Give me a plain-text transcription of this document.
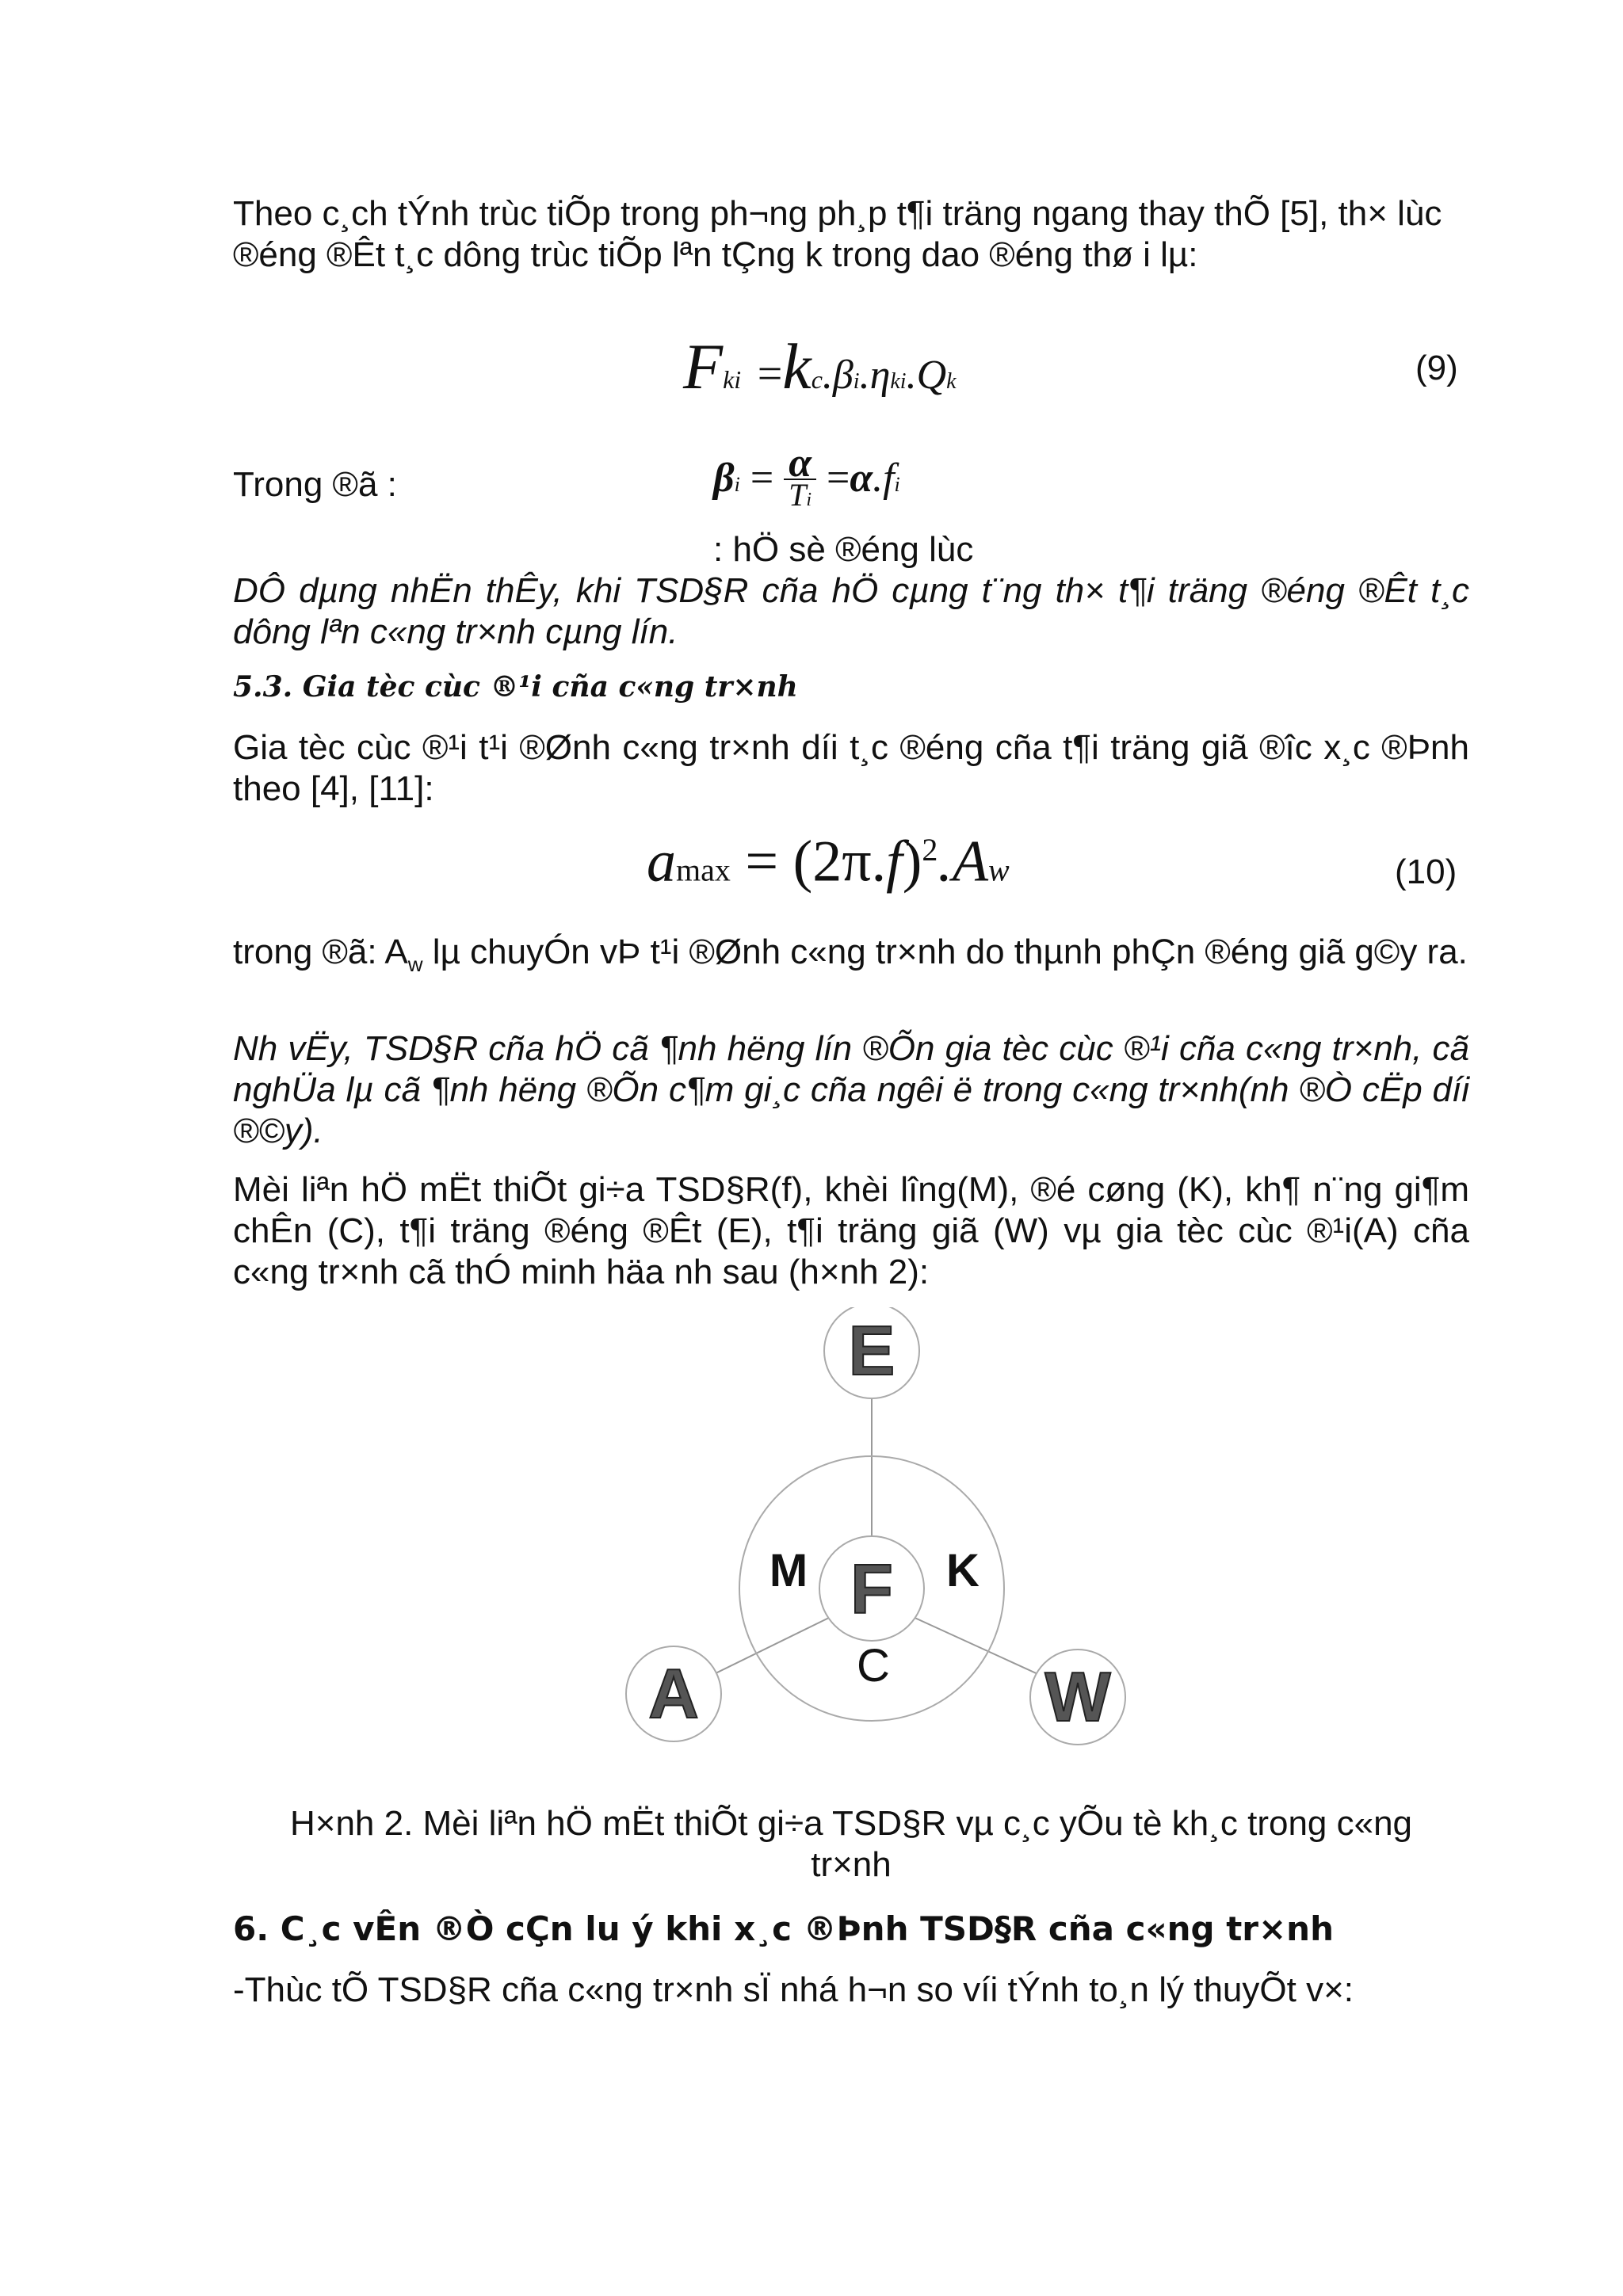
Theo c¸ch tÝnh trùc tiÕp trong ph¬ng ph¸p t¶i träng ngang thay thÕ [5], th× lùc
®éng ®Êt t¸c dông trùc tiÕp lªn tÇng k trong dao ®éng thø i lµ:
Fki =kc.βi.ηki.Qk	(9)
Trong ®ã :	βi = α
Ti =α.fi
: hÖ sè ®éng lùc
DÔ dµng nhËn thÊy, khi TSD§R cña hÖ cµng t¨ng th× t¶i träng ®éng ®Êt t¸c dông lªn c«ng tr×nh cµng lín.
5.3. Gia tèc cùc ®¹i cña c«ng tr×nh
Gia tèc cùc ®¹i t¹i ®Ønh c«ng tr×nh díi t¸c ®éng cña t¶i träng giã ®îc x¸c ®Þnh theo [4], [11]:
$amax = (2\pi.f)^2.Aw$	(10)
trong ®ã: $A_w$ lµ chuyÓn vÞ t¹i ®Ønh c«ng tr×nh do thµnh phÇn ®éng giã g©y ra.
Nh vËy, TSD§R cña hÖ cã ¶nh hëng lín ®Õn gia tèc cùc ®¹i cña c«ng tr×nh, cã nghÜa lµ cã ¶nh hëng ®Õn c¶m gi¸c cña ngêi ë trong c«ng tr×nh(nh ®Ò cËp díi ®©y).
Mèi liªn hÖ mËt thiÕt gi÷a TSD§R(f), khèi lîng(M), ®é cøng (K), kh¶ n¨ng gi¶m chÊn (C), t¶i träng ®éng ®Êt (E), t¶i träng giã (W) vµ gia tèc cùc ®¹i(A) cña c«ng tr×nh cã thÓ minh häa nh sau (h×nh 2):
E
F
A	W
M	K
C
H×nh 2. Mèi liªn hÖ mËt thiÕt gi÷a TSD§R vµ c¸c yÕu tè kh¸c trong c«ng
tr×nh
6. C¸c vÊn ®Ò cÇn lu ý khi x¸c ®Þnh TSD§R cña c«ng tr×nh
-Thùc tÕ TSD§R cña c«ng tr×nh sÏ nhá h¬n so víi tÝnh to¸n lý thuyÕt v×:
